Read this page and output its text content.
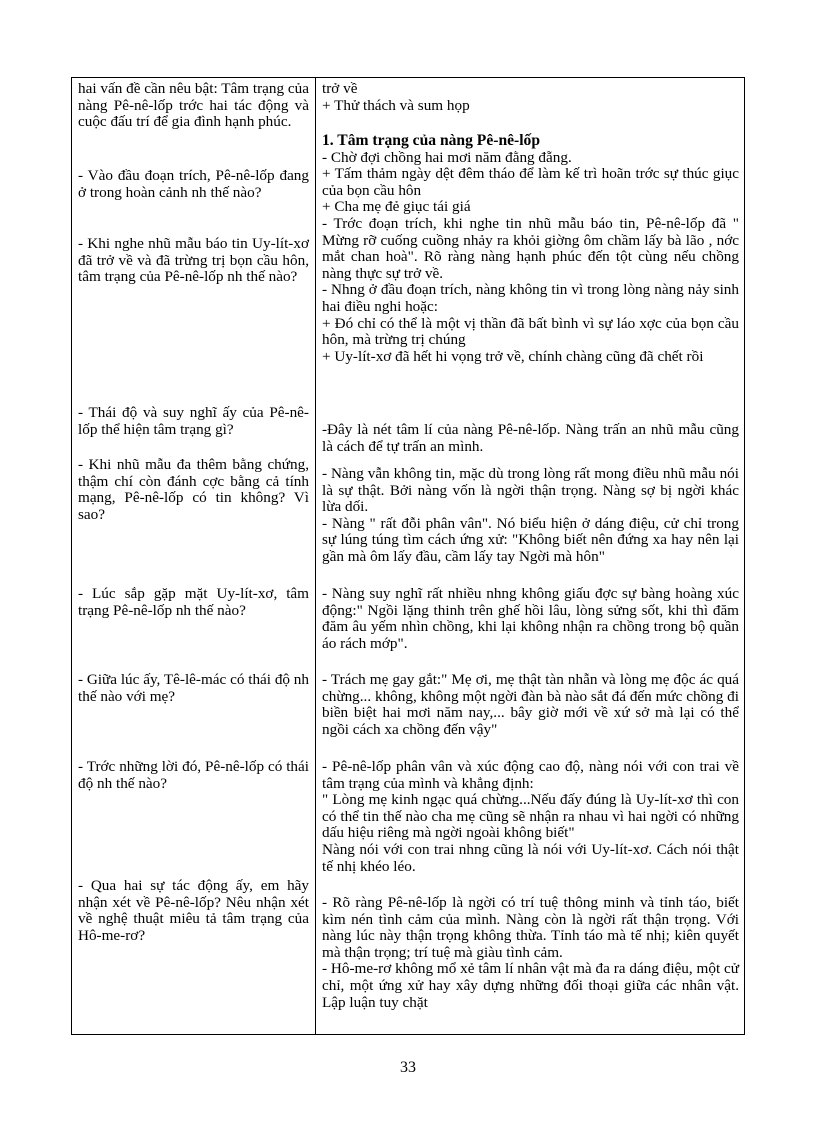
hai vấn đề cần nêu bật: Tâm trạng của nàng Pê-nê-lốp trớc hai tác động và cuộc đấu trí để gia đình hạnh phúc.

- Vào đầu đoạn trích, Pê-nê-lốp đang ở trong hoàn cảnh nh thế nào?

- Khi nghe nhũ mẫu báo tin Uy-lít-xơ đã trở về và đã trừng trị bọn cầu hôn, tâm trạng của Pê-nê-lốp nh thế nào?

- Thái độ và suy nghĩ ấy của Pê-nê-lốp thể hiện tâm trạng gì?

- Khi nhũ mẫu đa thêm bằng chứng, thậm chí còn đánh cợc bằng cả tính mạng, Pê-nê-lốp có tin không? Vì sao?

- Lúc sắp gặp mặt Uy-lít-xơ, tâm trạng Pê-nê-lốp nh thế nào?

- Giữa lúc ấy, Tê-lê-mác có thái độ nh thế nào với mẹ?

- Trớc những lời đó, Pê-nê-lốp có thái độ nh thế nào?

- Qua hai sự tác động ấy, em hãy nhận xét về Pê-nê-lốp? Nêu nhận xét về nghệ thuật miêu tả tâm trạng của Hô-me-rơ?

trở về

+ Thử thách và sum họp

1. Tâm trạng của nàng Pê-nê-lốp

- Chờ đợi chồng hai mơi năm đằng đẵng.

+ Tấm thảm ngày dệt đêm tháo để làm kế trì hoãn trớc sự thúc giục của bọn cầu hôn

+ Cha mẹ đẻ giục tái giá

- Trớc đoạn trích, khi nghe tin nhũ mẫu báo tin, Pê-nê-lốp đã " Mừng rỡ cuống cuồng nhảy ra khỏi giờng ôm chầm lấy bà lão , nớc mắt chan hoà". Rõ ràng nàng hạnh phúc đến tột cùng nếu chồng nàng thực sự trở về.

- Nhng ở đầu đoạn trích, nàng không tin vì trong lòng nàng nảy sinh hai điều nghi hoặc:

+ Đó chỉ có thể là một vị thần đã bất bình vì sự láo xợc của bọn cầu hôn, mà trừng trị chúng

+ Uy-lít-xơ đã hết hi vọng trở về, chính chàng cũng đã chết rồi

-Đây là nét tâm lí của nàng Pê-nê-lốp. Nàng trấn an nhũ mẫu cũng là cách để tự trấn an mình.

- Nàng vẫn không tin, mặc dù trong lòng rất mong điều nhũ mẫu nói là sự thật. Bởi nàng vốn là ngời thận trọng. Nàng sợ bị ngời khác lừa dối.

- Nàng " rất đỗi phân vân". Nó biểu hiện ở dáng điệu, cử chỉ trong sự lúng túng tìm cách ứng xử: "Không biết nên đứng xa hay nên lại gần mà ôm lấy đầu, cầm lấy tay Ngời mà hôn"

- Nàng suy nghĩ rất nhiều nhng không giấu đợc sự bàng hoàng xúc động:" Ngồi lặng thinh trên ghế hồi lâu, lòng sửng sốt, khi thì đăm đăm âu yếm nhìn chồng, khi lại không nhận ra chồng trong bộ quần áo rách mớp".

- Trách mẹ gay gắt:" Mẹ ơi, mẹ thật tàn nhẫn và lòng mẹ độc ác quá chừng... không, không một ngời đàn bà nào sắt đá đến mức chồng đi biền biệt hai mơi năm nay,... bây giờ mới về xứ sở mà lại có thể ngồi cách xa chồng đến vậy"

- Pê-nê-lốp phân vân và xúc động cao độ, nàng nói với con trai về tâm trạng của mình và khẳng định:

" Lòng mẹ kinh ngạc quá chừng...Nếu đấy đúng là Uy-lít-xơ thì con có thể tin thế nào cha mẹ cũng sẽ nhận ra nhau vì hai ngời có những dấu hiệu riêng mà ngời ngoài không biết"

Nàng nói với con trai nhng cũng là nói với Uy-lít-xơ. Cách nói thật tế nhị khéo léo.

- Rõ ràng Pê-nê-lốp là ngời có trí tuệ thông minh và tỉnh táo, biết kìm nén tình cảm của mình. Nàng còn là ngời rất thận trọng. Với nàng lúc này thận trọng không thừa. Tỉnh táo mà tế nhị; kiên quyết mà thận trọng; trí tuệ mà giàu tình cảm.

- Hô-me-rơ không mổ xẻ tâm lí nhân vật mà đa ra dáng điệu, một cử chỉ, một ứng xử hay xây dựng những đối thoại giữa các nhân vật. Lập luận tuy chặt

33
